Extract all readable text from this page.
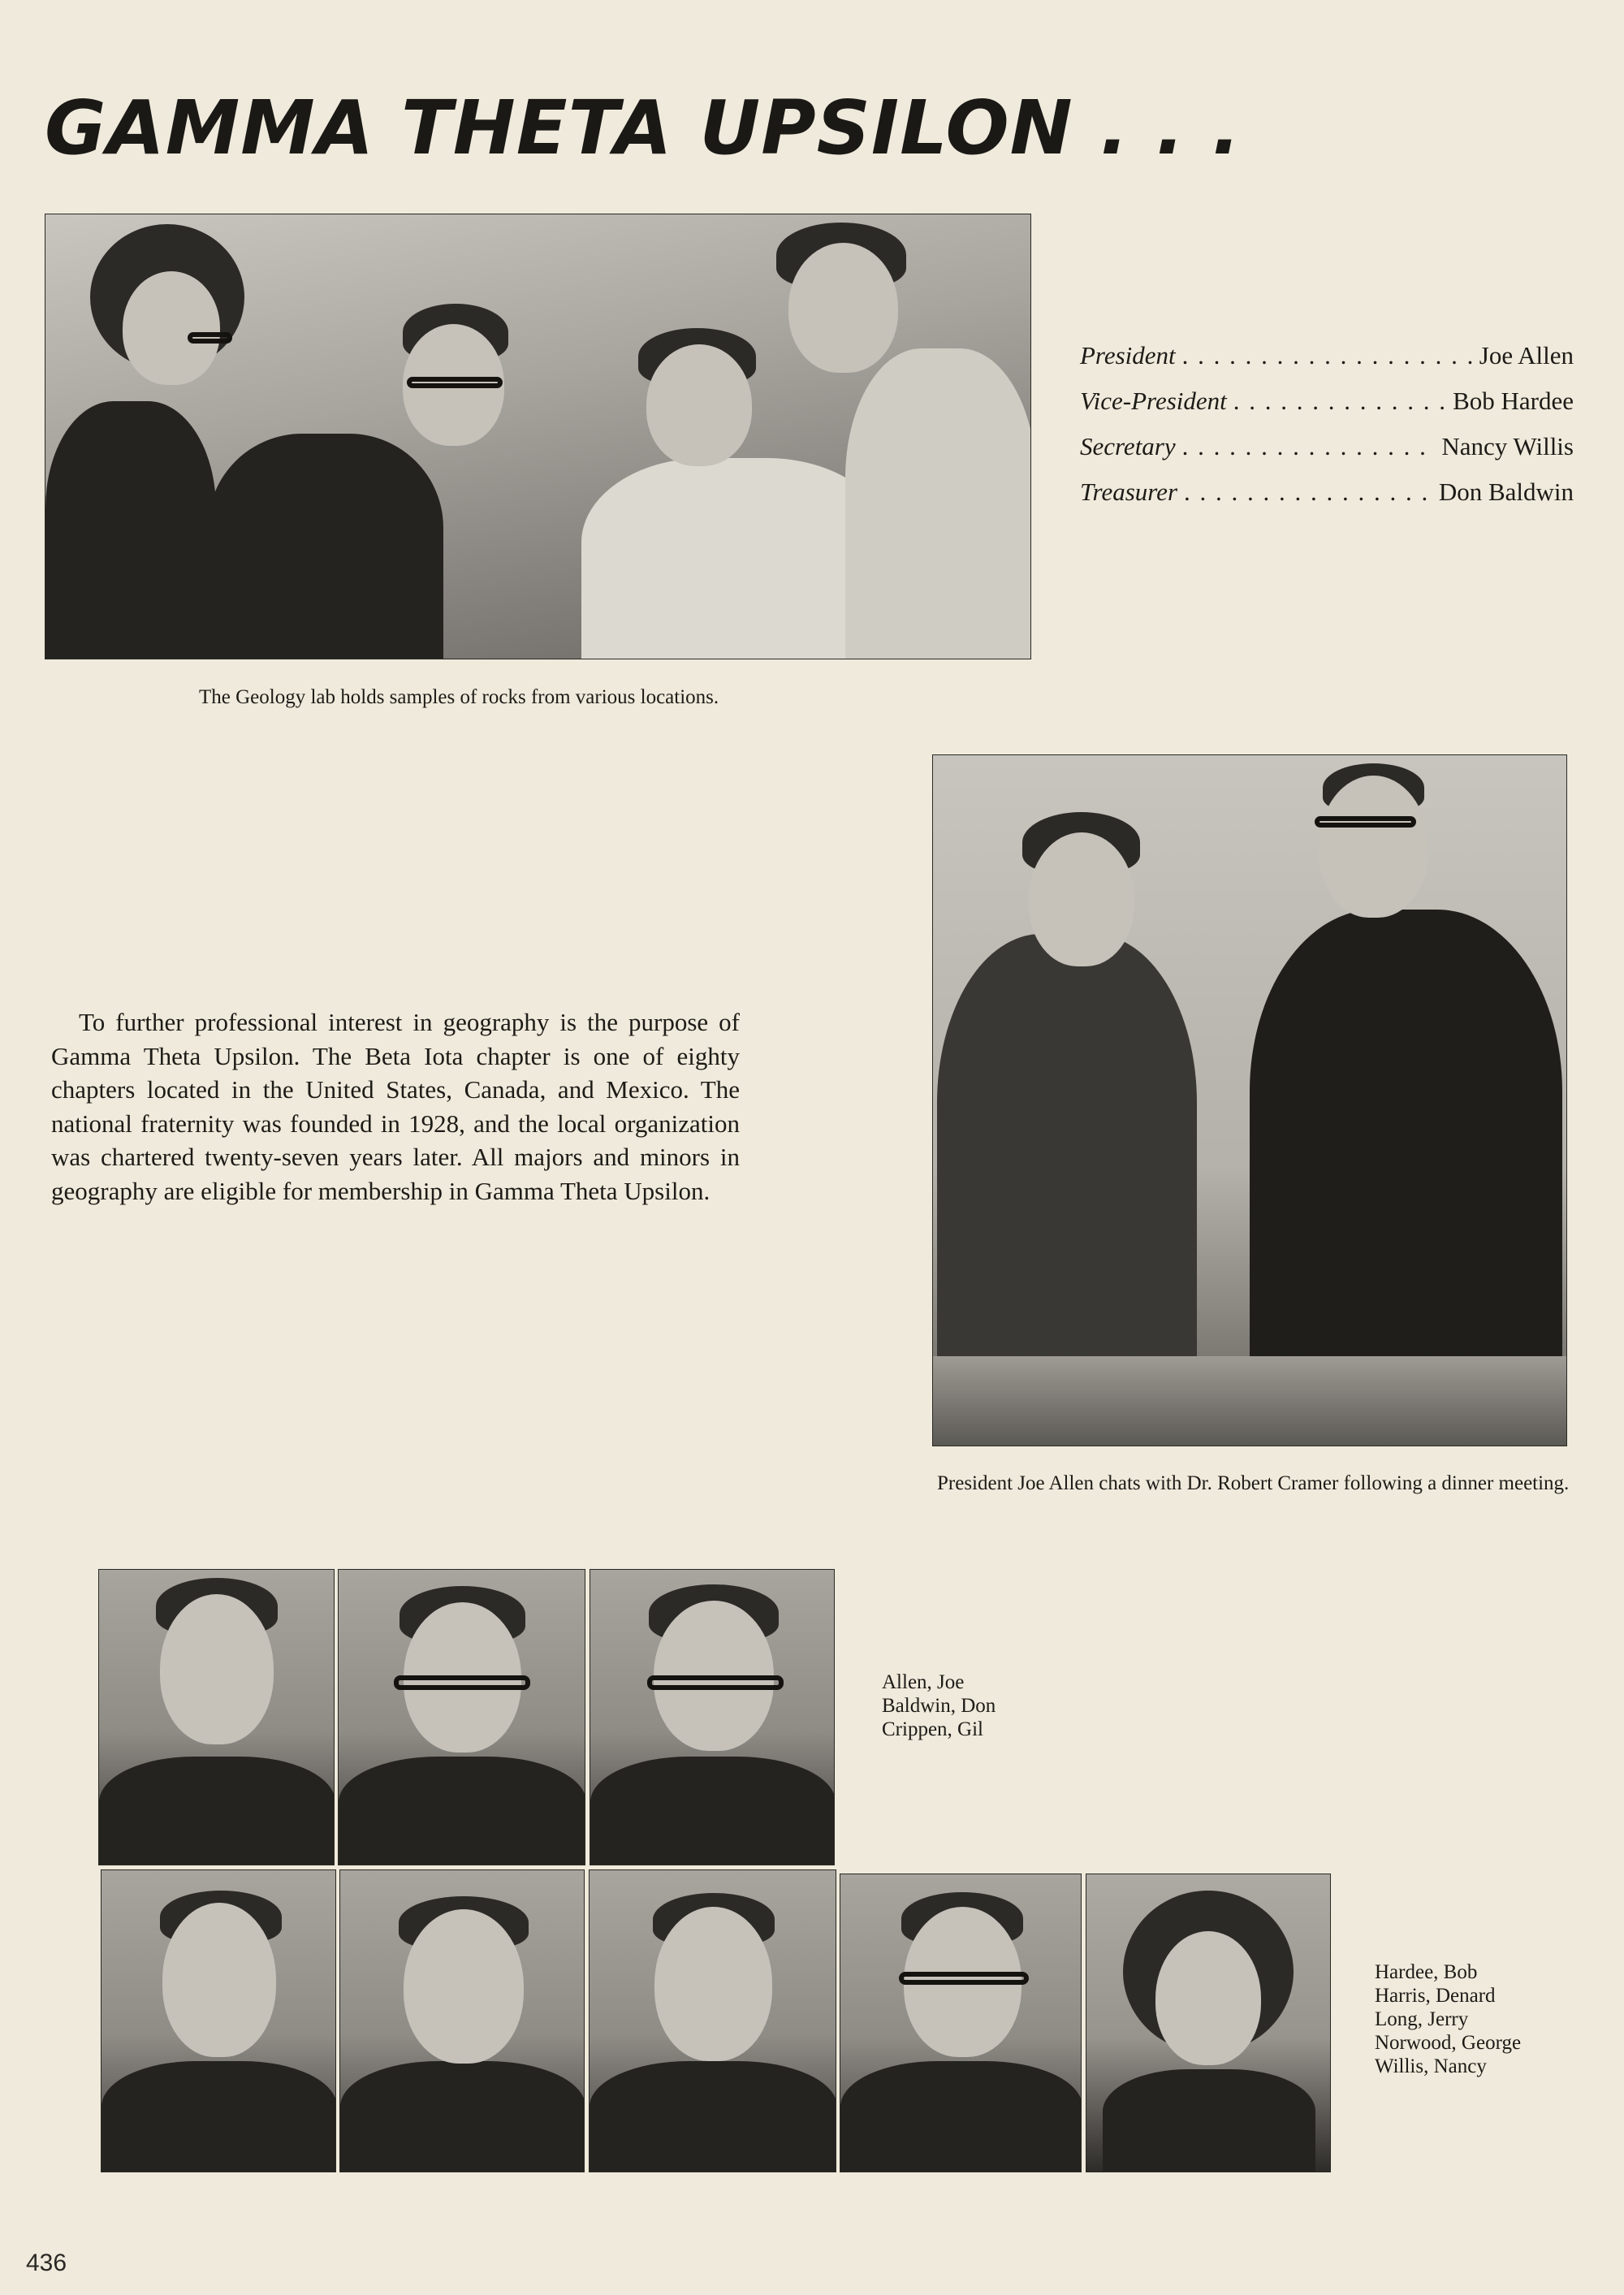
GAMMA THETA UPSILON . . .
The Geology lab holds samples of rocks from various locations.
President . . .	Joe Allen
Vice-President . . .	Bob Hardee
Secretary . . .	Nancy Willis
Treasurer . . .	Don Baldwin
President Joe Allen chats with Dr. Robert Cramer following a dinner meeting.

To further professional interest in geography is the purpose of Gamma Theta Upsilon. The Beta Iota chapter is one of eighty chapters located in the United States, Canada, and Mexico. The national fraternity was founded in 1928, and the local organization was chartered twenty-seven years later. All majors and minors in geography are eligible for membership in Gamma Theta Upsilon.

Allen, Joe
Baldwin, Don
Crippen, Gil
Hardee, Bob
Harris, Denard
Long, Jerry
Norwood, George
Willis, Nancy
436
